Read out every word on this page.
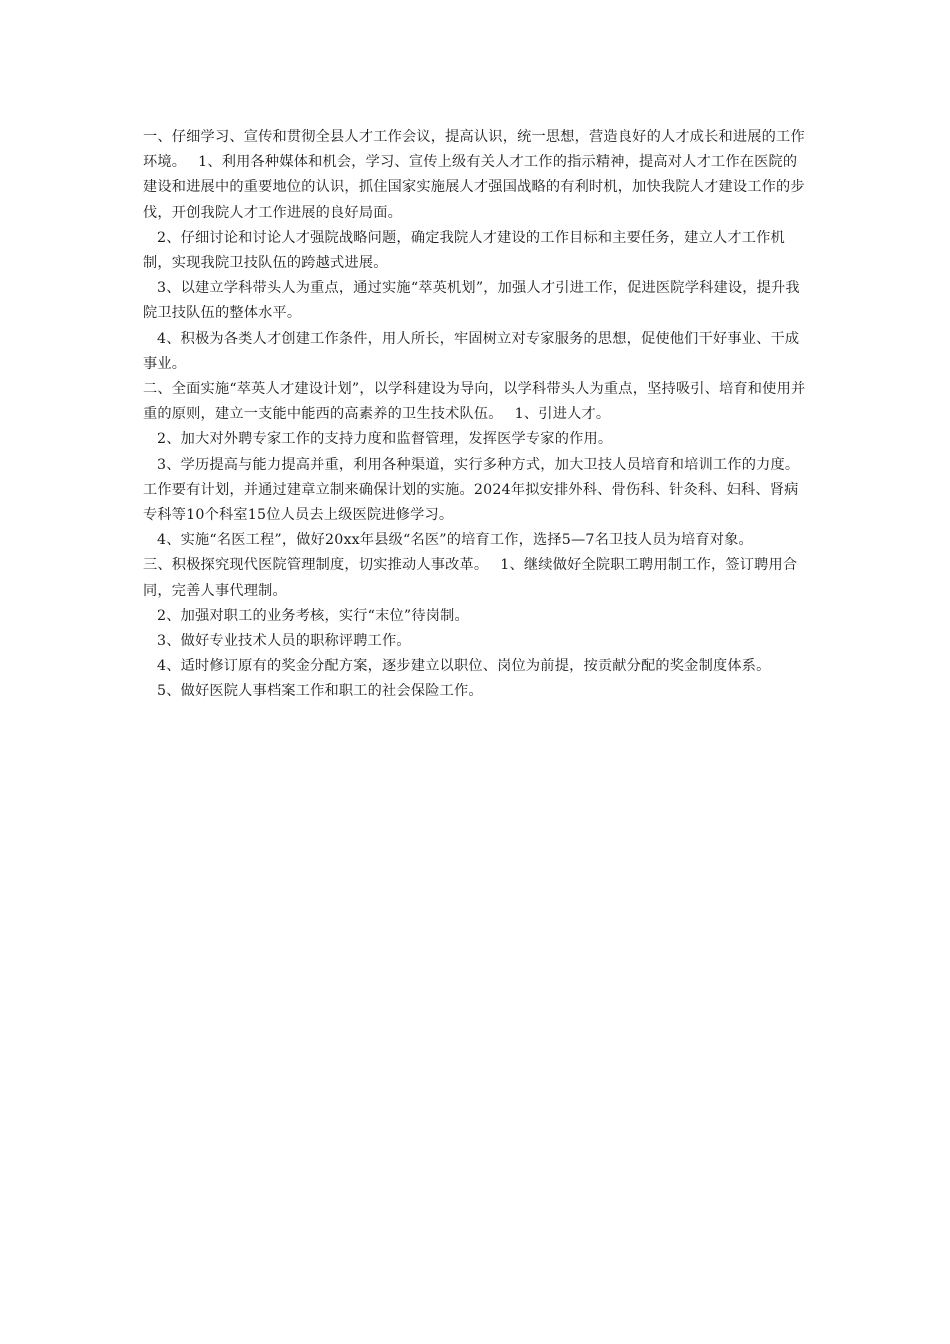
一、仔细学习、宣传和贯彻全县人才工作会议，提高认识，统一思想，营造良好的人才成长和进展的工作环境。　 1、利用各种媒体和机会，学习、宣传上级有关人才工作的指示精神，提高对人才工作在医院的建设和进展中的重要地位的认识，抓住国家实施展人才强国战略的有利时机，加快我院人才建设工作的步伐，开创我院人才工作进展的良好局面。

2、仔细讨论和讨论人才强院战略问题，确定我院人才建设的工作目标和主要任务，建立人才工作机制，实现我院卫技队伍的跨越式进展。

3、以建立学科带头人为重点，通过实施“萃英机划”，加强人才引进工作，促进医院学科建设，提升我院卫技队伍的整体水平。

4、积极为各类人才创建工作条件，用人所长，牢固树立对专家服务的思想，促使他们干好事业、干成事业。

二、全面实施“萃英人才建设计划”，以学科建设为导向，以学科带头人为重点，坚持吸引、培育和使用并重的原则，建立一支能中能西的高素养的卫生技术队伍。　 1、引进人才。

2、加大对外聘专家工作的支持力度和监督管理，发挥医学专家的作用。

3、学历提高与能力提高并重，利用各种渠道，实行多种方式，加大卫技人员培育和培训工作的力度。工作要有计划，并通过建章立制来确保计划的实施。2024年拟安排外科、骨伤科、针灸科、妇科、肾病专科等10个科室15位人员去上级医院进修学习。

4、实施“名医工程”，做好20xx年县级“名医”的培育工作，选择5—7名卫技人员为培育对象。

三、积极探究现代医院管理制度，切实推动人事改革。　 1、继续做好全院职工聘用制工作，签订聘用合同，完善人事代理制。

2、加强对职工的业务考核，实行“末位”待岗制。

3、做好专业技术人员的职称评聘工作。

4、适时修订原有的奖金分配方案，逐步建立以职位、岗位为前提，按贡献分配的奖金制度体系。

5、做好医院人事档案工作和职工的社会保险工作。
